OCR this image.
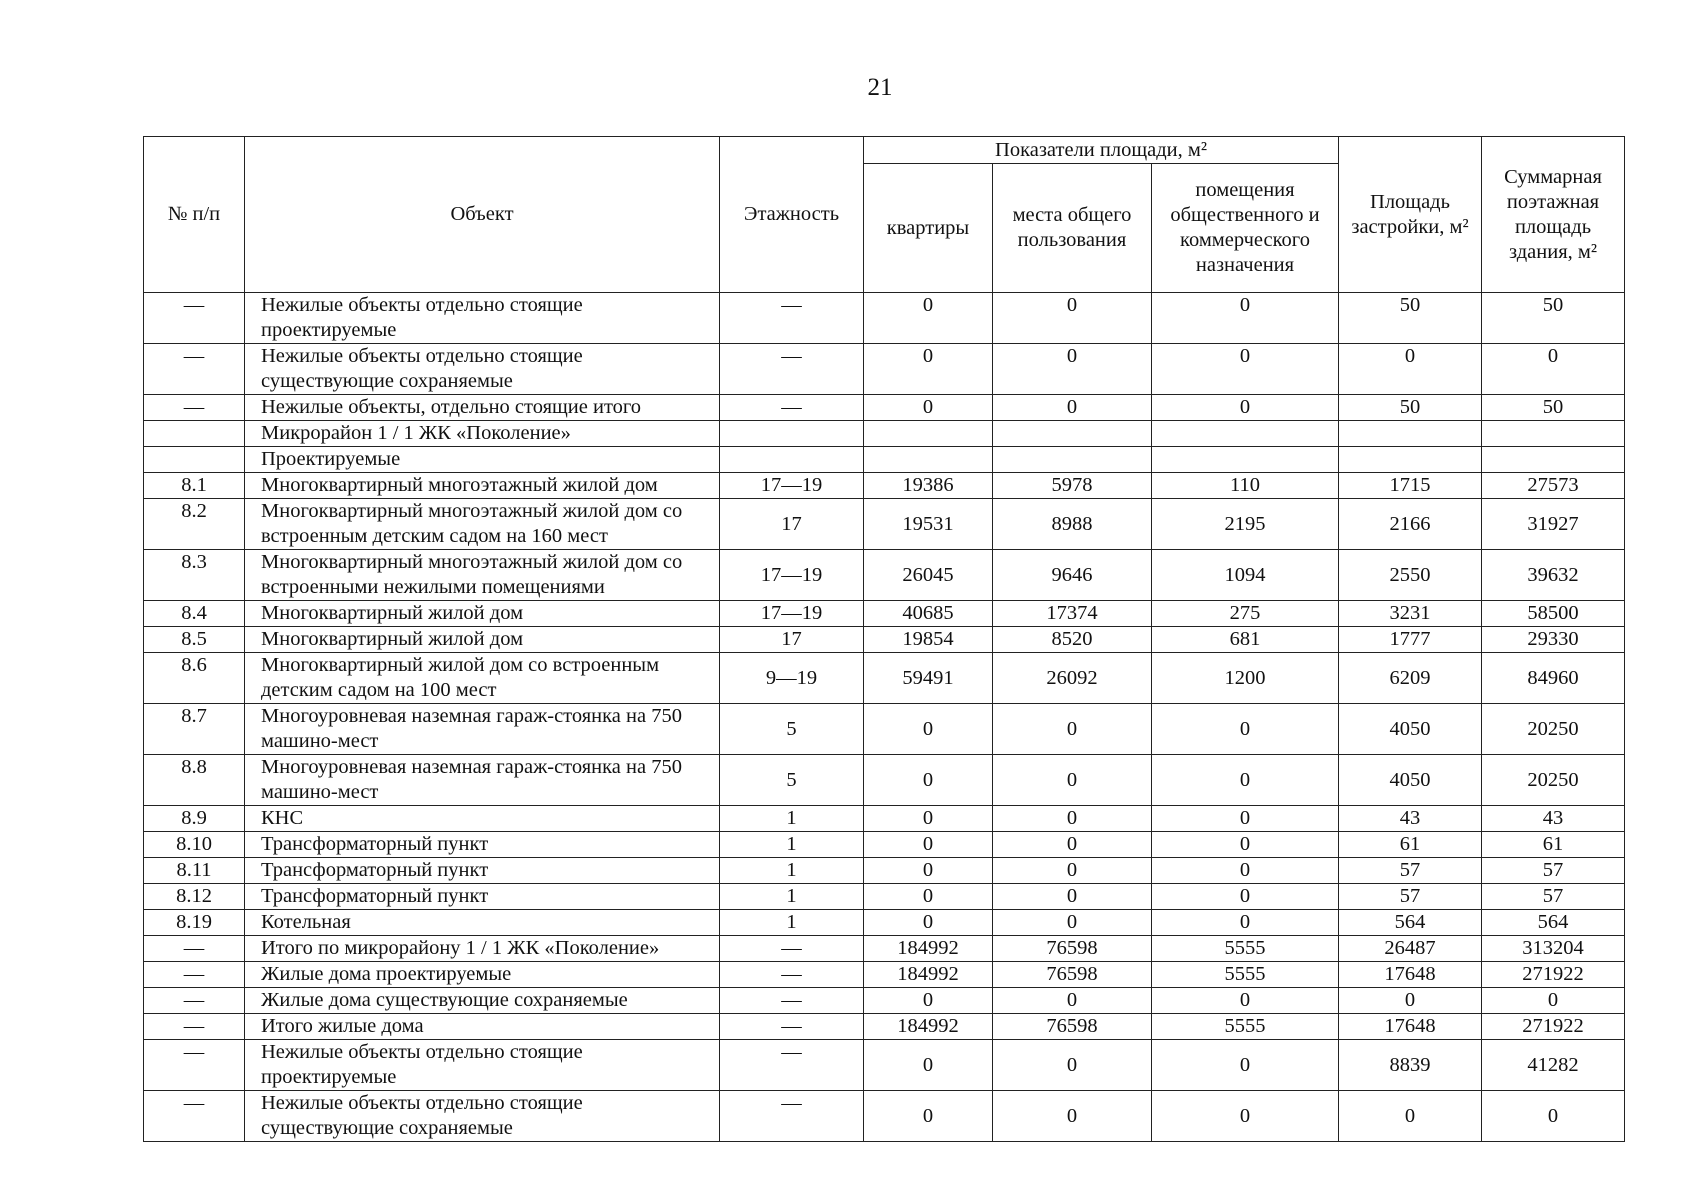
21
№ п/п	Объект	Этажность	Показатели площади, м²			Площадь застройки, м²	Суммарная поэтажная площадь здания, м²
			квартиры	места общего пользования	помещения общественного и коммерческого назначения		
—	Нежилые объекты отдельно стоящие проектируемые	—	0	0	0	50	50
—	Нежилые объекты отдельно стоящие существующие сохраняемые	—	0	0	0	0	0
—	Нежилые объекты, отдельно стоящие итого	—	0	0	0	50	50
	Микрорайон 1 / 1 ЖК «Поколение»						
	Проектируемые						
8.1	Многоквартирный многоэтажный жилой дом	17—19	19386	5978	110	1715	27573
8.2	Многоквартирный многоэтажный жилой дом со встроенным детским садом на 160 мест	17	19531	8988	2195	2166	31927
8.3	Многоквартирный многоэтажный жилой дом со встроенными нежилыми помещениями	17—19	26045	9646	1094	2550	39632
8.4	Многоквартирный жилой дом	17—19	40685	17374	275	3231	58500
8.5	Многоквартирный жилой дом	17	19854	8520	681	1777	29330
8.6	Многоквартирный жилой дом со встроенным детским садом на 100 мест	9—19	59491	26092	1200	6209	84960
8.7	Многоуровневая наземная гараж-стоянка на 750 машино-мест	5	0	0	0	4050	20250
8.8	Многоуровневая наземная гараж-стоянка на 750 машино-мест	5	0	0	0	4050	20250
8.9	КНС	1	0	0	0	43	43
8.10	Трансформаторный пункт	1	0	0	0	61	61
8.11	Трансформаторный пункт	1	0	0	0	57	57
8.12	Трансформаторный пункт	1	0	0	0	57	57
8.19	Котельная	1	0	0	0	564	564
—	Итого по микрорайону 1 / 1 ЖК «Поколение»	—	184992	76598	5555	26487	313204
—	Жилые дома проектируемые	—	184992	76598	5555	17648	271922
—	Жилые дома существующие сохраняемые	—	0	0	0	0	0
—	Итого жилые дома	—	184992	76598	5555	17648	271922
—	Нежилые объекты отдельно стоящие проектируемые	—	0	0	0	8839	41282
—	Нежилые объекты отдельно стоящие существующие сохраняемые	—	0	0	0	0	0
